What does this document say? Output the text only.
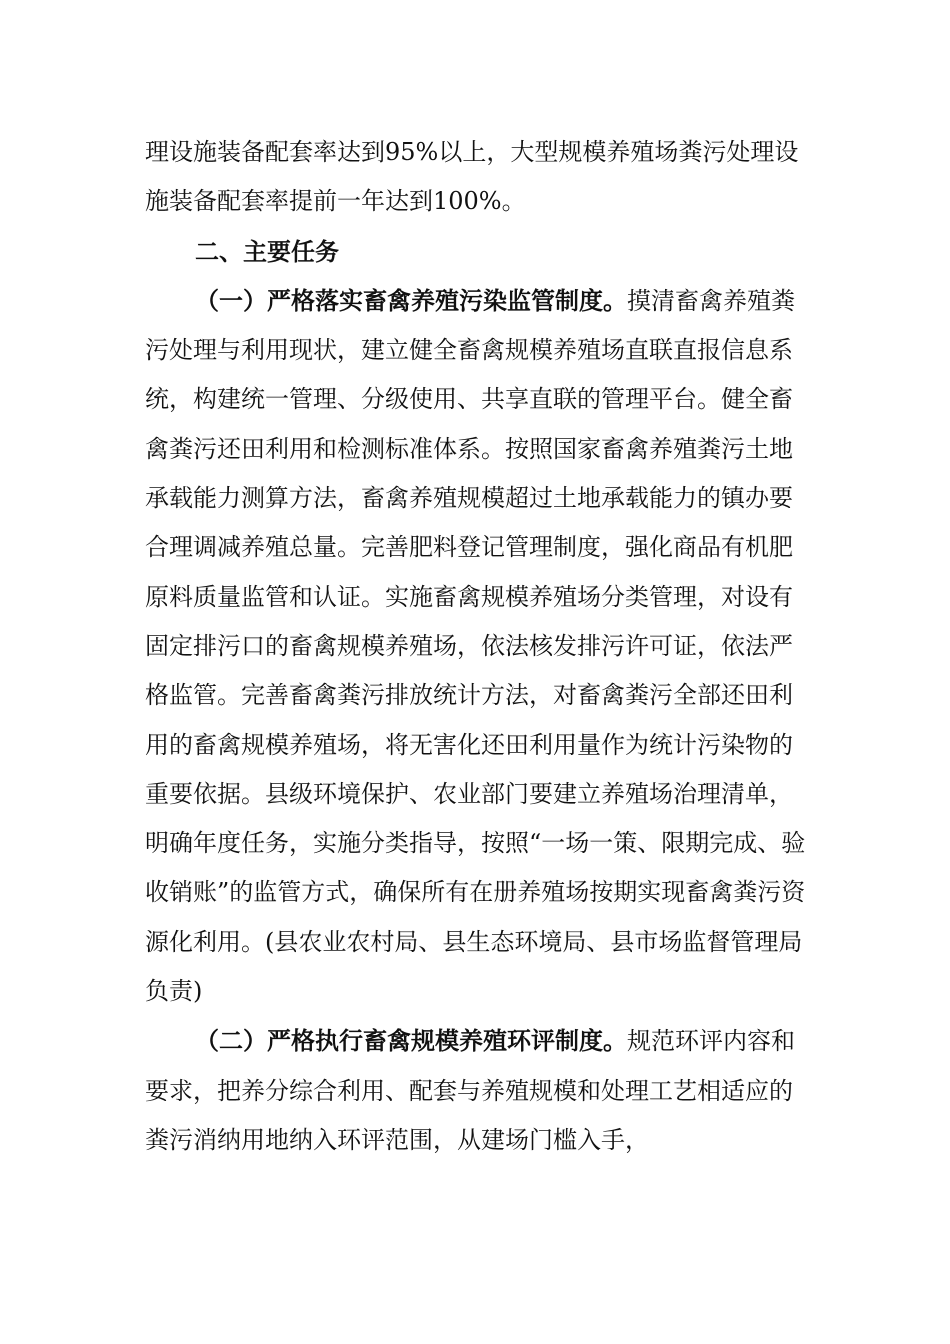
理设施装备配套率达到95%以上，大型规模养殖场粪污处理设施装备配套率提前一年达到100%。

二、主要任务

（一）严格落实畜禽养殖污染监管制度。摸清畜禽养殖粪污处理与利用现状，建立健全畜禽规模养殖场直联直报信息系统，构建统一管理、分级使用、共享直联的管理平台。健全畜禽粪污还田利用和检测标准体系。按照国家畜禽养殖粪污土地承载能力测算方法，畜禽养殖规模超过土地承载能力的镇办要合理调减养殖总量。完善肥料登记管理制度，强化商品有机肥原料质量监管和认证。实施畜禽规模养殖场分类管理，对设有固定排污口的畜禽规模养殖场，依法核发排污许可证，依法严格监管。完善畜禽粪污排放统计方法，对畜禽粪污全部还田利用的畜禽规模养殖场，将无害化还田利用量作为统计污染物的重要依据。县级环境保护、农业部门要建立养殖场治理清单，明确年度任务，实施分类指导，按照“一场一策、限期完成、验收销账”的监管方式，确保所有在册养殖场按期实现畜禽粪污资源化利用。(县农业农村局、县生态环境局、县市场监督管理局负责)

（二）严格执行畜禽规模养殖环评制度。规范环评内容和要求，把养分综合利用、配套与养殖规模和处理工艺相适应的粪污消纳用地纳入环评范围，从建场门槛入手，
